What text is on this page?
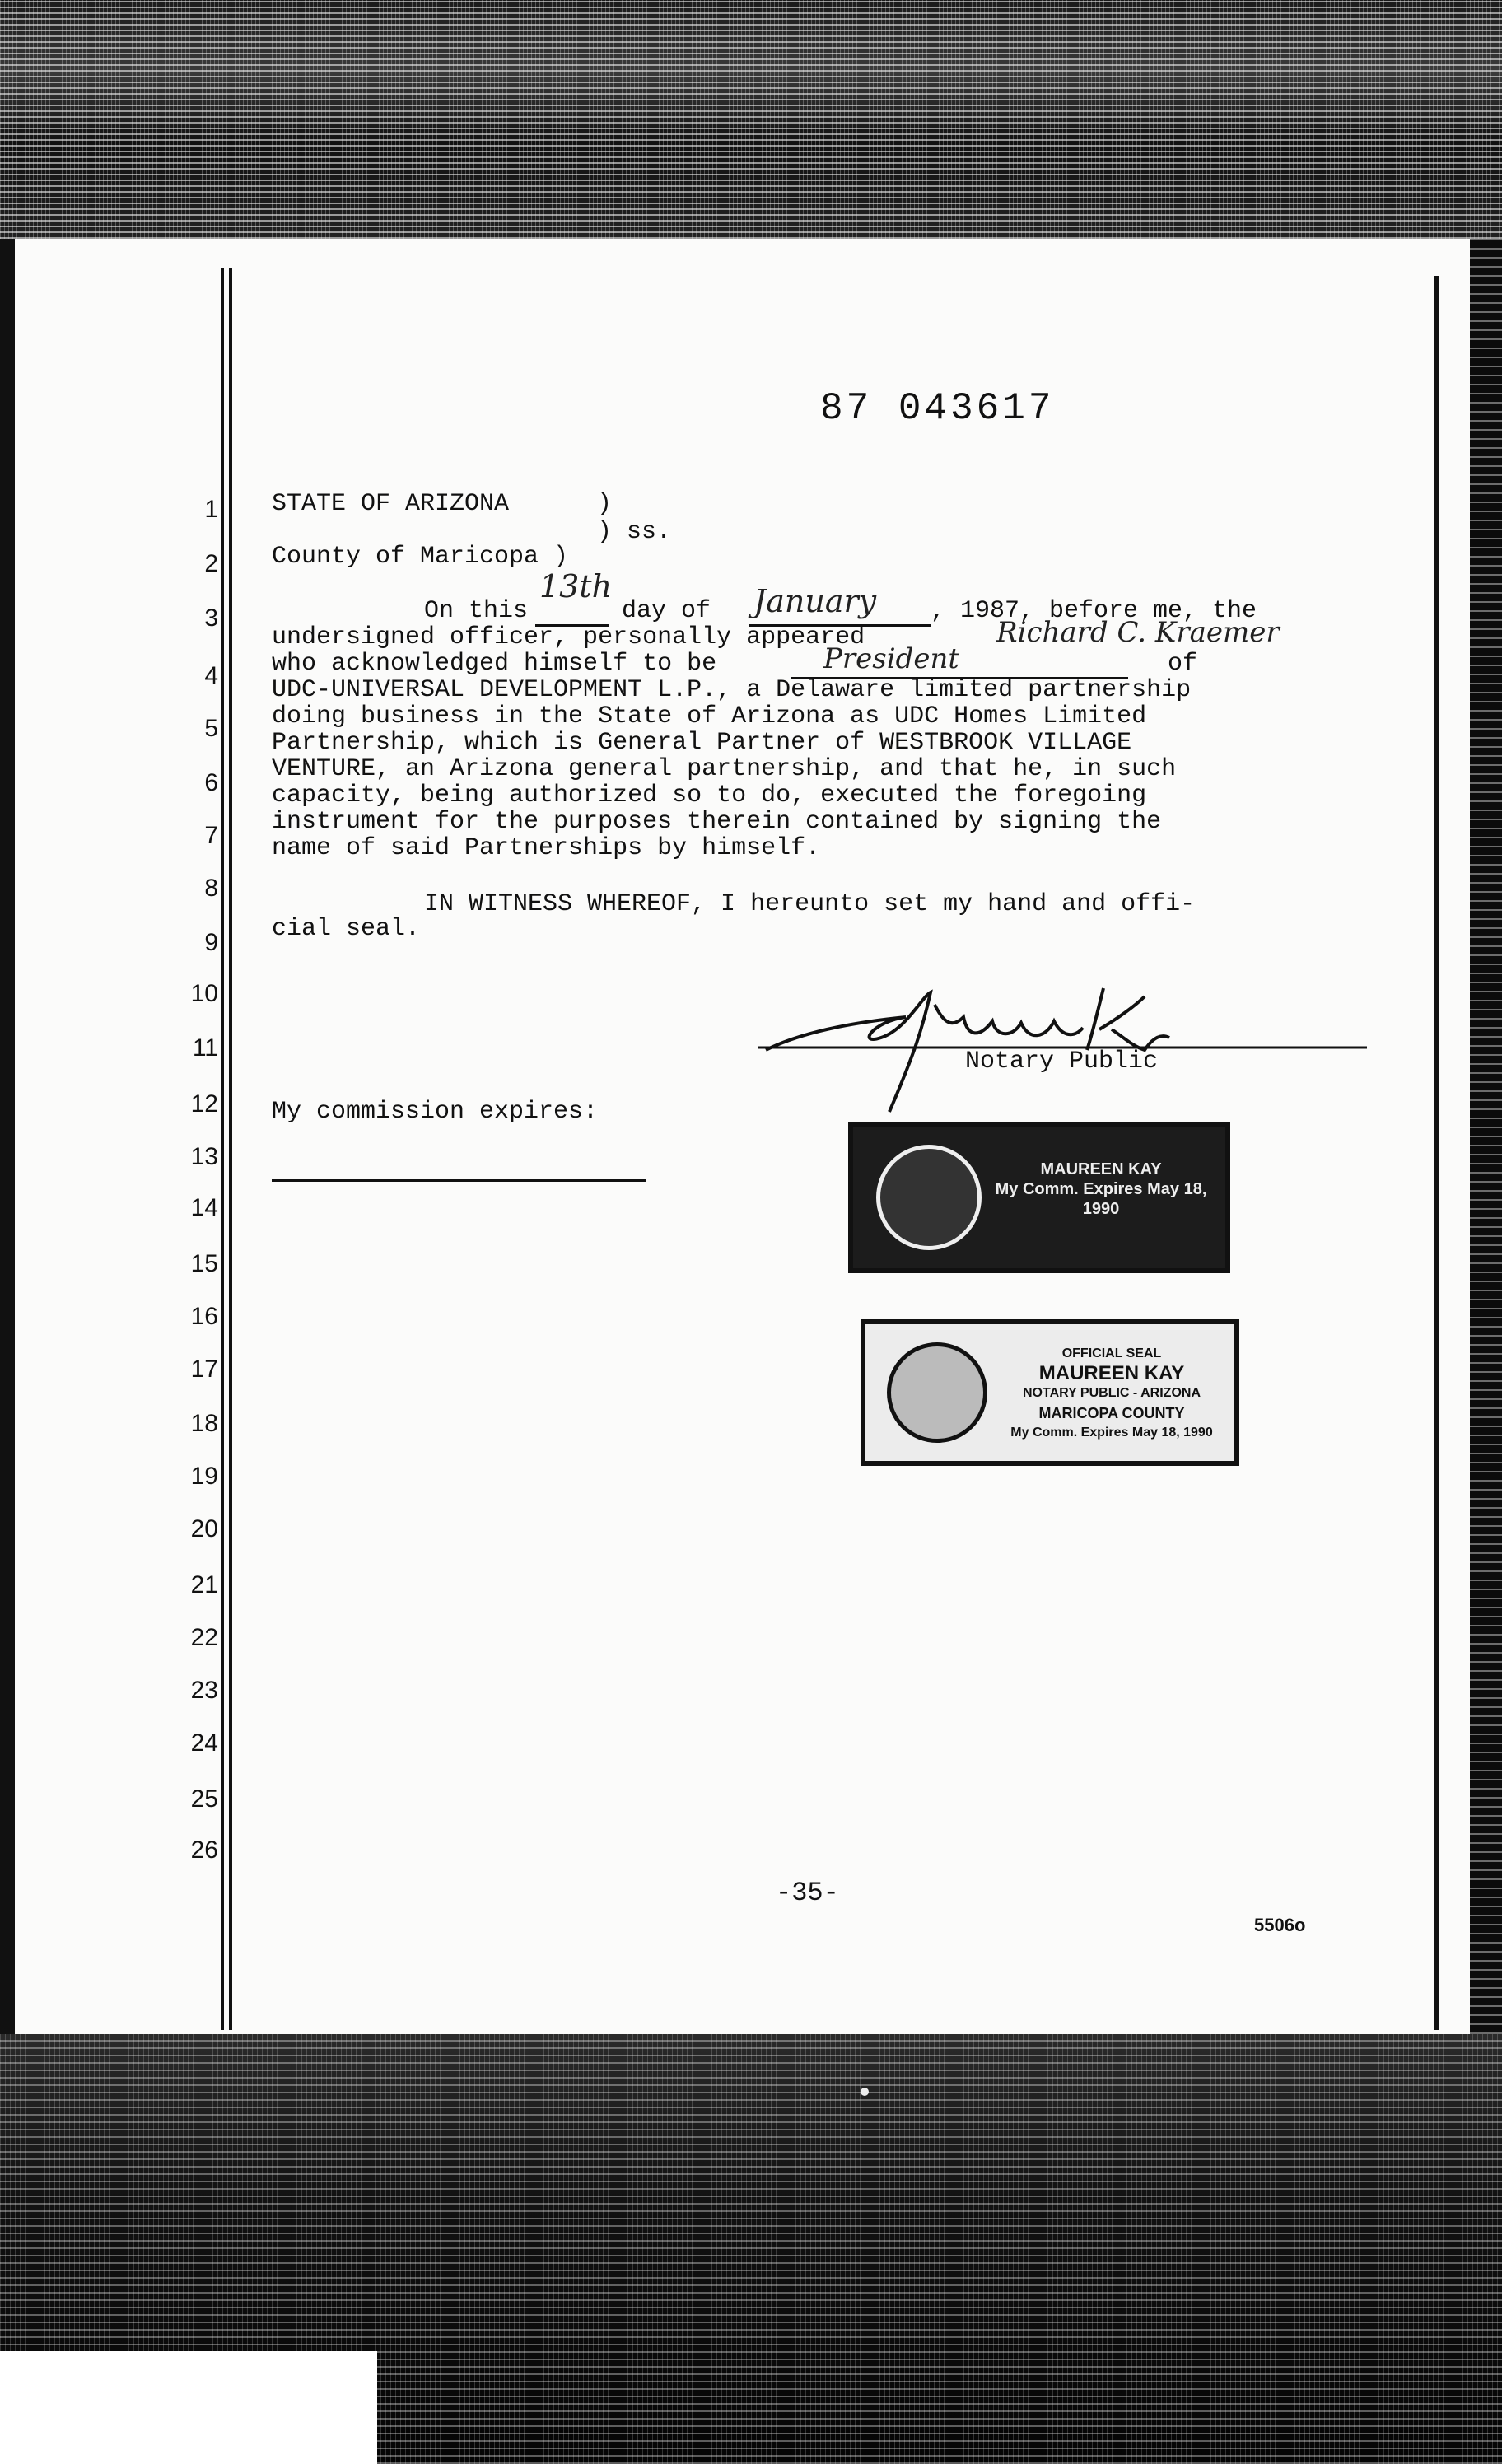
87 043617
1
2
3
4
5
6
7
8
9
10
11
12
13
14
15
16
17
18
19
20
21
22
23
24
25
26
STATE OF ARIZONA	)
) ss.
County of Maricopa )
On this
13th
day of January , 1987, before me, the
undersigned officer, personally appeared	Richard C. Kraemer
who acknowledged himself to be	President	of
UDC-UNIVERSAL DEVELOPMENT L.P., a Delaware limited partnership
doing business in the State of Arizona as UDC Homes Limited
Partnership, which is General Partner of WESTBROOK VILLAGE
VENTURE, an Arizona general partnership, and that he, in such
capacity, being authorized so to do, executed the foregoing
instrument for the purposes therein contained by signing the
name of said Partnerships by himself.
IN WITNESS WHEREOF, I hereunto set my hand and offi-
cial seal.
Notary Public
My commission expires:
MAUREEN KAY
My Comm. Expires May 18, 1990
OFFICIAL SEAL
MAUREEN KAY
NOTARY PUBLIC - ARIZONA
MARICOPA COUNTY
My Comm. Expires May 18, 1990
-35-
5506o
